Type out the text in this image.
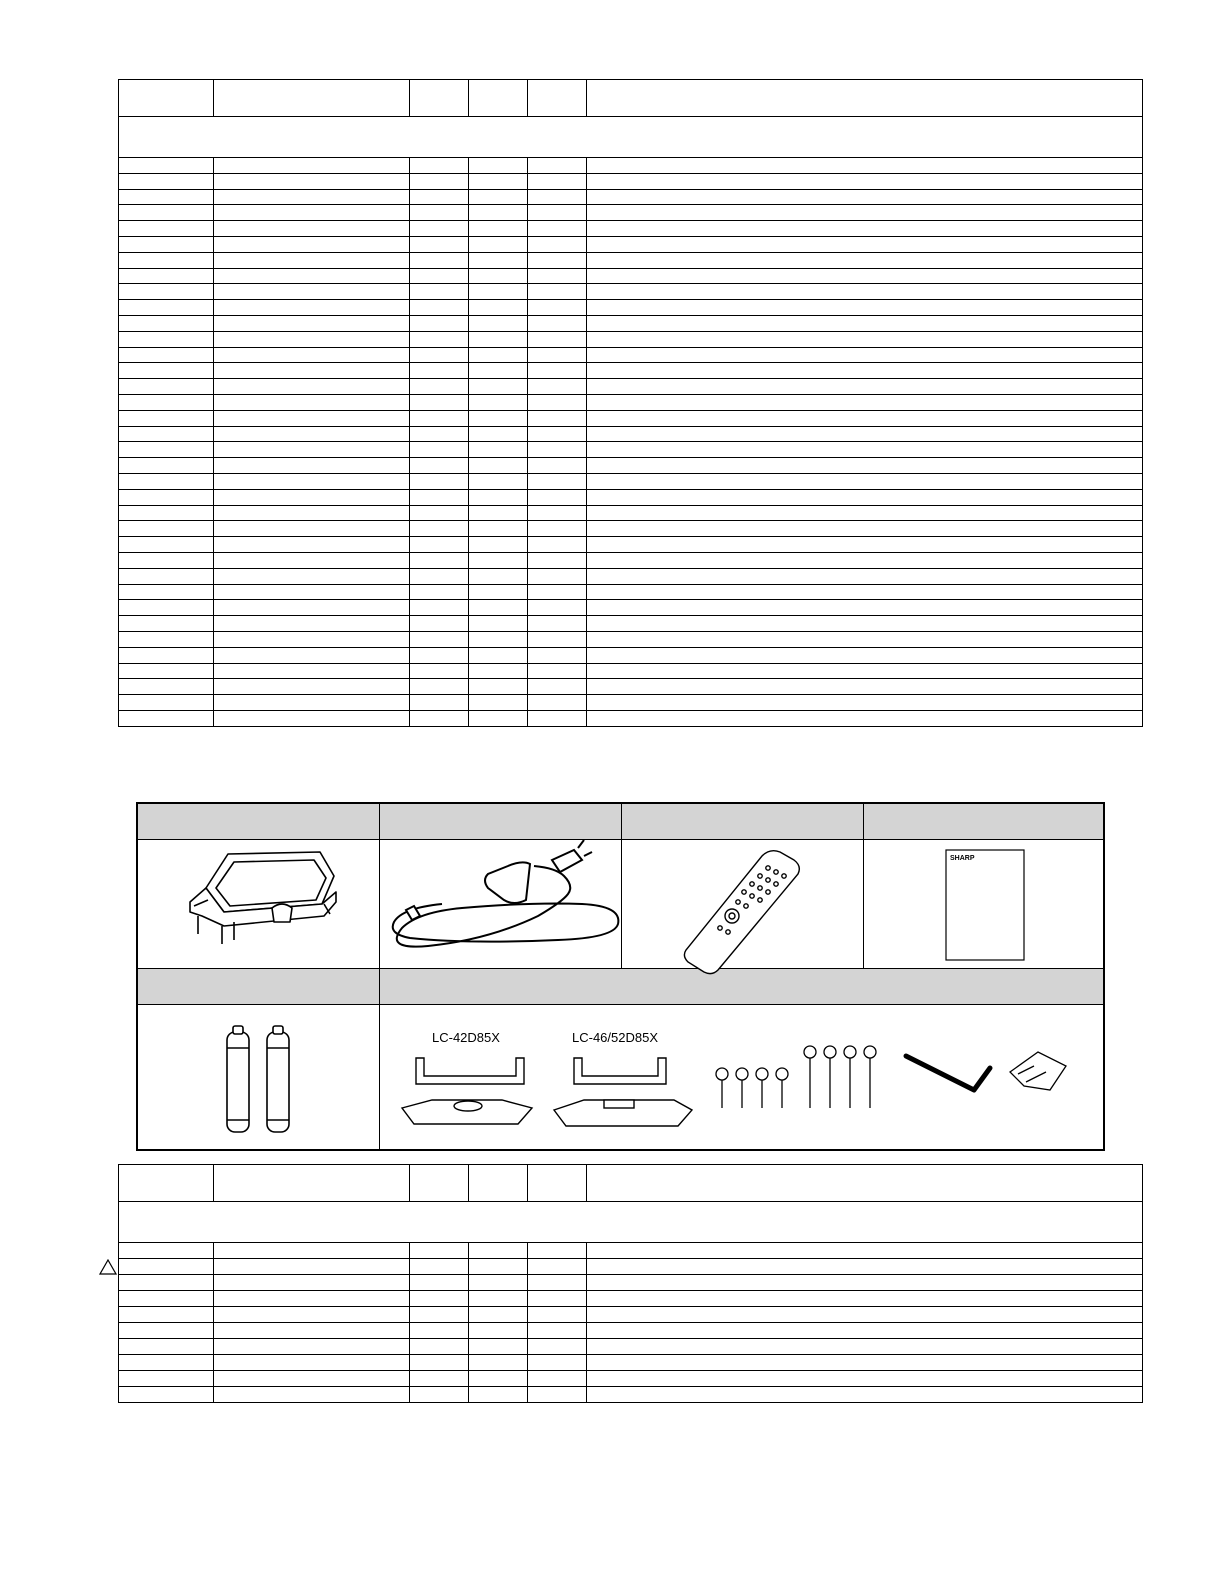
SHARP
LC-42D85X	LC-46/52D85X
